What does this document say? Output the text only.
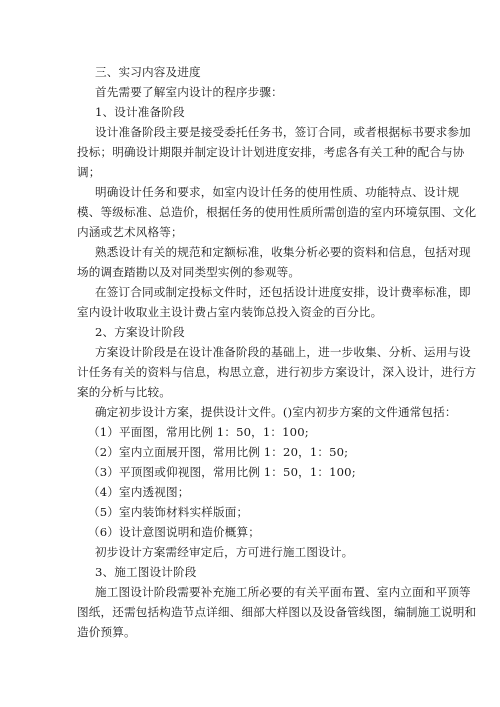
三、实习内容及进度

首先需要了解室内设计的程序步骤：

1、设计准备阶段

设计准备阶段主要是接受委托任务书，签订合同，或者根据标书要求参加

投标；明确设计期限并制定设计计划进度安排，考虑各有关工种的配合与协

调；

明确设计任务和要求，如室内设计任务的使用性质、功能特点、设计规

模、等级标准、总造价，根据任务的使用性质所需创造的室内环境氛围、文化

内涵或艺术风格等；

熟悉设计有关的规范和定额标准，收集分析必要的资料和信息，包括对现

场的调查踏勘以及对同类型实例的参观等。

在签订合同或制定投标文件时，还包括设计进度安排，设计费率标准，即

室内设计收取业主设计费占室内装饰总投入资金的百分比。

2、方案设计阶段

方案设计阶段是在设计准备阶段的基础上，进一步收集、分析、运用与设

计任务有关的资料与信息，构思立意，进行初步方案设计，深入设计，进行方

案的分析与比较。

确定初步设计方案，提供设计文件。()室内初步方案的文件通常包括：

（1）平面图，常用比例 1：50，1：100;

（2）室内立面展开图，常用比例 1：20，1：50;

（3）平顶图或仰视图，常用比例 1：50，1：100;

（4）室内透视图；

（5）室内装饰材料实样版面；

（6）设计意图说明和造价概算；

初步设计方案需经审定后，方可进行施工图设计。

3、施工图设计阶段

施工图设计阶段需要补充施工所必要的有关平面布置、室内立面和平顶等

图纸，还需包括构造节点详细、细部大样图以及设备管线图，编制施工说明和

造价预算。
